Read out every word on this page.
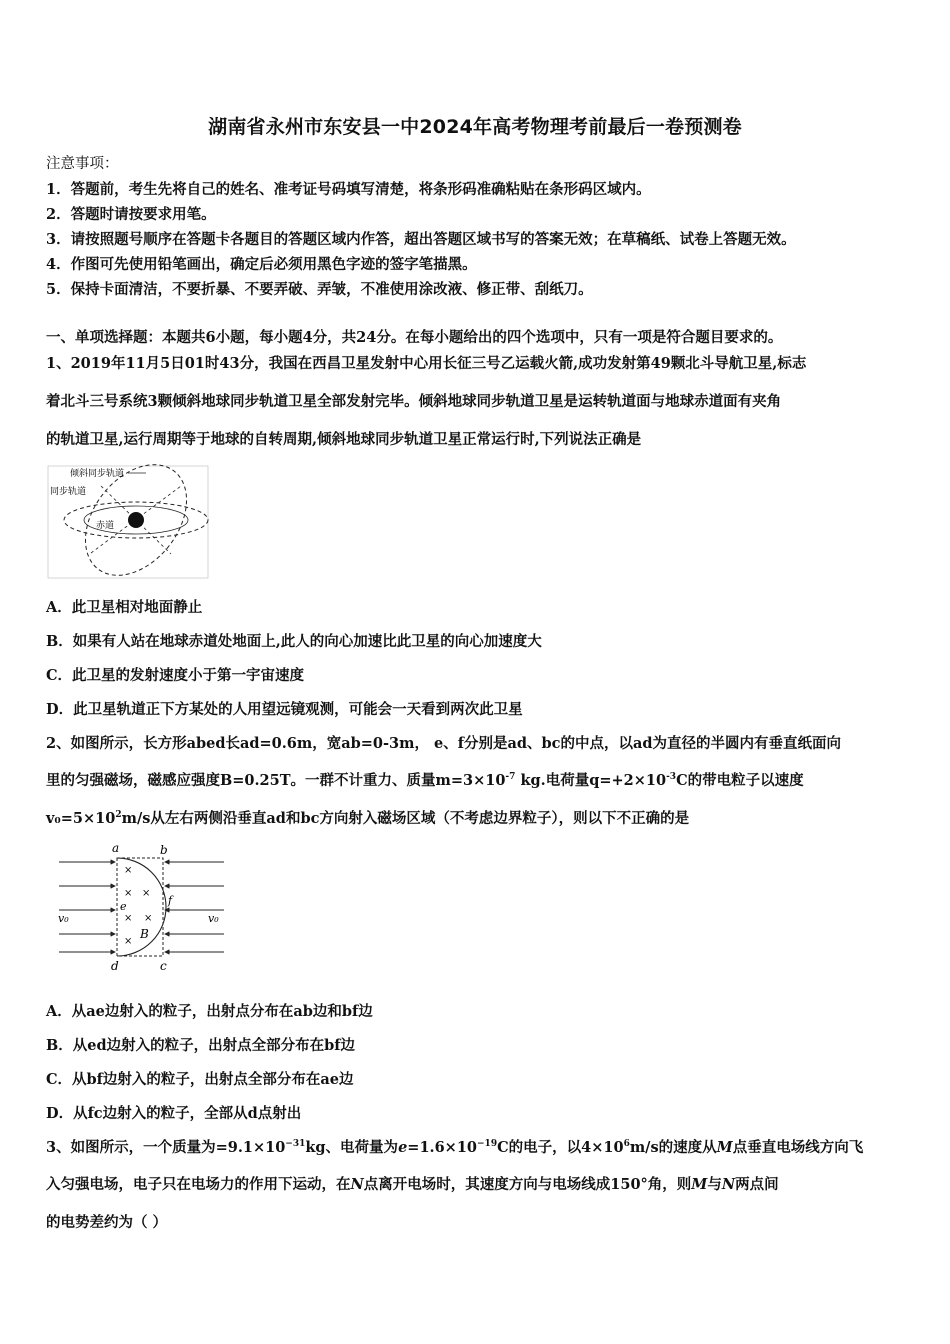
湖南省永州市东安县一中2024年高考物理考前最后一卷预测卷
注意事项：
1．答题前，考生先将自己的姓名、准考证号码填写清楚，将条形码准确粘贴在条形码区域内。
2．答题时请按要求用笔。
3．请按照题号顺序在答题卡各题目的答题区域内作答，超出答题区域书写的答案无效；在草稿纸、试卷上答题无效。
4．作图可先使用铅笔画出，确定后必须用黑色字迹的签字笔描黑。
5．保持卡面清洁，不要折暴、不要弄破、弄皱，不准使用涂改液、修正带、刮纸刀。
一、单项选择题：本题共6小题，每小题4分，共24分。在每小题给出的四个选项中，只有一项是符合题目要求的。
1、2019年11月5日01时43分，我国在西昌卫星发射中心用长征三号乙运载火箭,成功发射第49颗北斗导航卫星,标志
着北斗三号系统3颗倾斜地球同步轨道卫星全部发射完毕。倾斜地球同步轨道卫星是运转轨道面与地球赤道面有夹角
的轨道卫星,运行周期等于地球的自转周期,倾斜地球同步轨道卫星正常运行时,下列说法正确是
倾斜同步轨道
同步轨道
赤道
A．此卫星相对地面静止
B．如果有人站在地球赤道处地面上,此人的向心加速比此卫星的向心加速度大
C．此卫星的发射速度小于第一宇宙速度
D．此卫星轨道正下方某处的人用望远镜观测，可能会一天看到两次此卫星
2、如图所示，长方形abed长ad=0.6m，宽ab=0-3m， e、f分别是ad、bc的中点，以ad为直径的半圆内有垂直纸面向
里的匀强磁场，磁感应强度B=0.25T。一群不计重力、质量$m=3\times 10^{-7}$ kg.电荷量$q=+2\times 10^{-3}C$的带电粒子以速度
$v_0=5\times 10^2m/s$从左右两侧沿垂直ad和bc方向射入磁场区域（不考虑边界粒子），则以下不正确的是
×
× ×
× ×
×
a	b
c
d
e	f
B
v₀	v₀
A．从ae边射入的粒子，出射点分布在ab边和bf边
B．从ed边射入的粒子，出射点全部分布在bf边
C．从bf边射入的粒子，出射点全部分布在ae边
D．从fc边射入的粒子，全部从d点射出
3、如图所示，一个质量为$=9.1\times 10^{-31}kg$、电荷量为$e=1.6\times 10^{-19}C$的电子，以$4\times 10^6m/s$的速度从M点垂直电场线方向飞
入匀强电场，电子只在电场力的作用下运动，在N点离开电场时，其速度方向与电场线成150°角，则M与N两点间
的电势差约为（ ）
